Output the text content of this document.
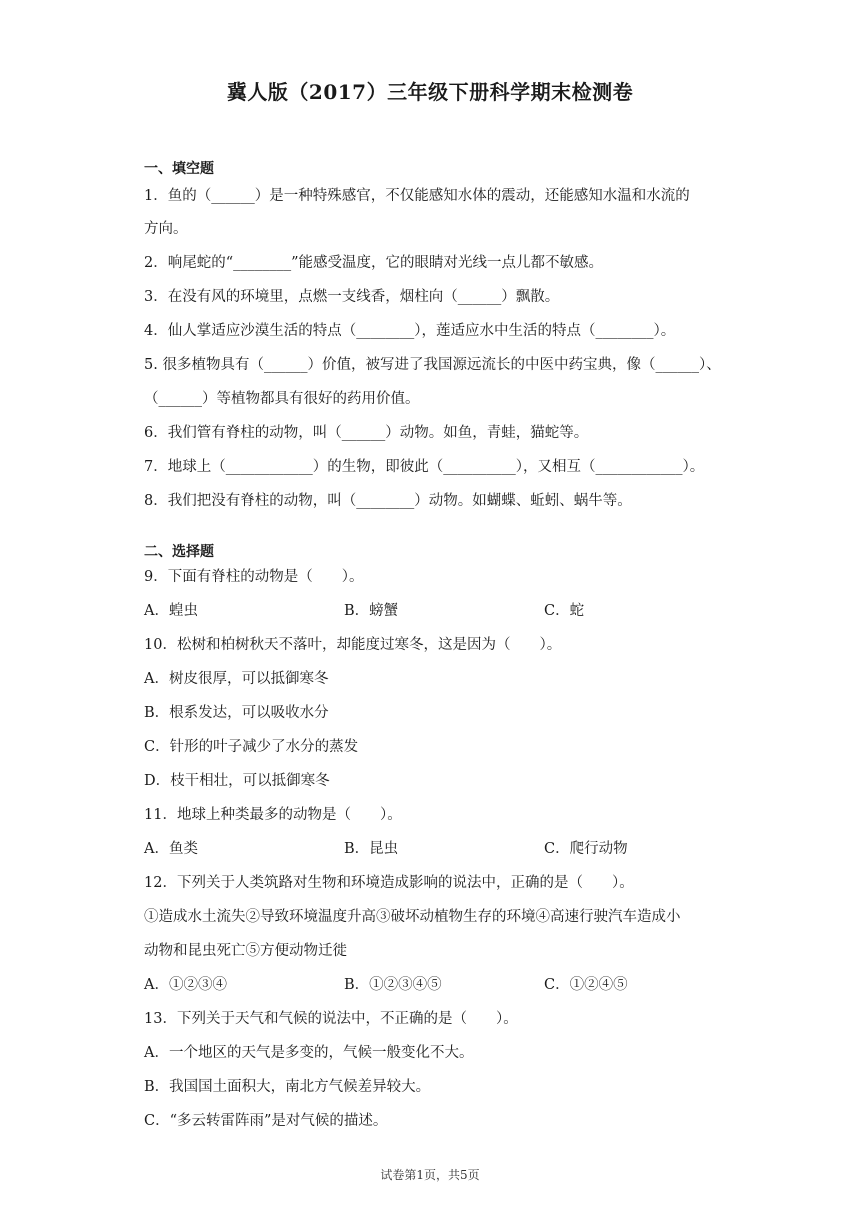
冀人版（2017）三年级下册科学期末检测卷
一、填空题
1．鱼的（______）是一种特殊感官，不仅能感知水体的震动，还能感知水温和水流的
方向。
2．响尾蛇的“________”能感受温度，它的眼睛对光线一点儿都不敏感。
3．在没有风的环境里，点燃一支线香，烟柱向（______）飘散。
4．仙人掌适应沙漠生活的特点（________），莲适应水中生活的特点（________）。
5. 很多植物具有（______）价值，被写进了我国源远流长的中医中药宝典，像（______）、
（______）等植物都具有很好的药用价值。
6．我们管有脊柱的动物，叫（______）动物。如鱼，青蛙，猫蛇等。
7．地球上（____________）的生物，即彼此（__________），又相互（____________）。
8．我们把没有脊柱的动物，叫（________）动物。如蝴蝶、蚯蚓、蜗牛等。
二、选择题
9．下面有脊柱的动物是（　　）。
A．蝗虫	B．螃蟹	C．蛇
10．松树和柏树秋天不落叶，却能度过寒冬，这是因为（　　）。
A．树皮很厚，可以抵御寒冬
B．根系发达，可以吸收水分
C．针形的叶子减少了水分的蒸发
D．枝干相壮，可以抵御寒冬
11．地球上种类最多的动物是（　　）。
A．鱼类	B．昆虫	C．爬行动物
12．下列关于人类筑路对生物和环境造成影响的说法中，正确的是（　　）。
①造成水土流失②导致环境温度升高③破坏动植物生存的环境④高速行驶汽车造成小
动物和昆虫死亡⑤方便动物迁徙
A．①②③④	B．①②③④⑤	C．①②④⑤
13．下列关于天气和气候的说法中，不正确的是（　　）。
A．一个地区的天气是多变的，气候一般变化不大。
B．我国国土面积大，南北方气候差异较大。
C．“多云转雷阵雨”是对气候的描述。
试卷第1页，共5页
